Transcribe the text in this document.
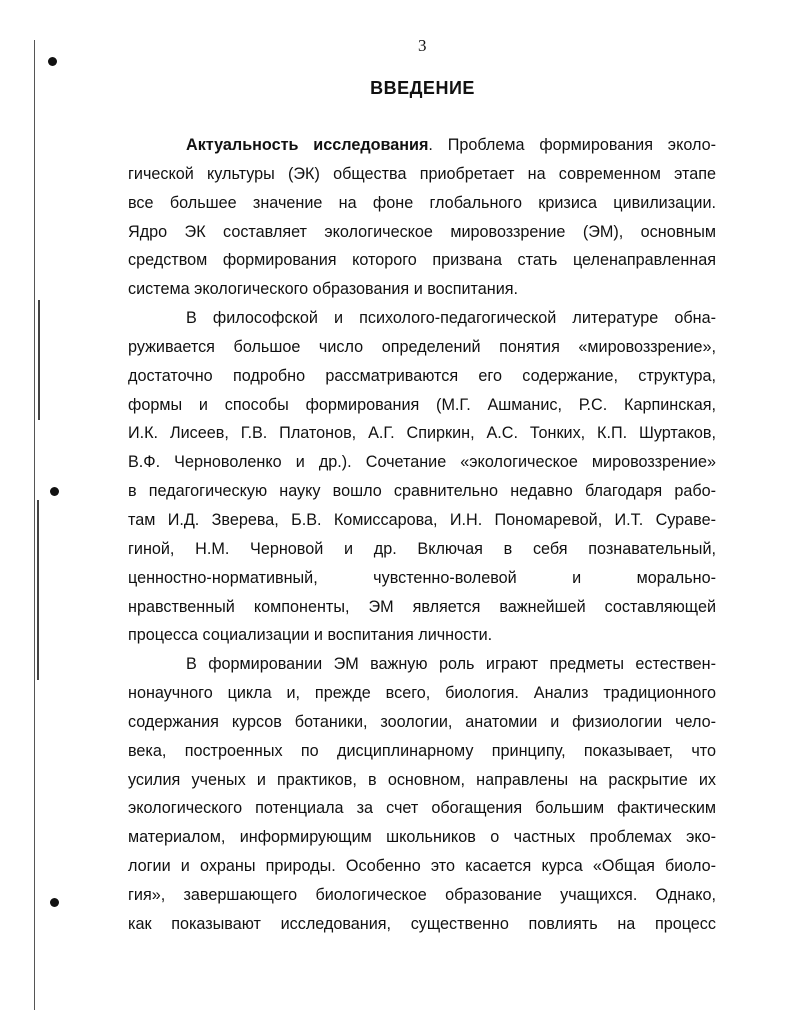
3
ВВЕДЕНИЕ
Актуальность исследования. Проблема формирования эколо-
гической культуры (ЭК) общества приобретает на современном этапе
все большее значение на фоне глобального кризиса цивилизации.
Ядро ЭК составляет экологическое мировоззрение (ЭМ), основным
средством формирования которого призвана стать целенаправленная
система экологического образования и воспитания.
В философской и психолого-педагогической литературе обна-
руживается большое число определений понятия «мировоззрение»,
достаточно подробно рассматриваются его содержание, структура,
формы и способы формирования (М.Г. Ашманис, Р.С. Карпинская,
И.К. Лисеев, Г.В. Платонов, А.Г. Спиркин, А.С. Тонких, К.П. Шуртаков,
В.Ф. Черноволенко и др.). Сочетание «экологическое мировоззрение»
в педагогическую науку вошло сравнительно недавно благодаря рабо-
там И.Д. Зверева, Б.В. Комиссарова, И.Н. Пономаревой, И.Т. Сураве-
гиной, Н.М. Черновой и др. Включая в себя познавательный,
ценностно-нормативный, чувстенно-волевой и морально-
нравственный компоненты, ЭМ является важнейшей составляющей
процесса социализации и воспитания личности.
В формировании ЭМ важную роль играют предметы естествен-
нонаучного цикла и, прежде всего, биология. Анализ традиционного
содержания курсов ботаники, зоологии, анатомии и физиологии чело-
века, построенных по дисциплинарному принципу, показывает, что
усилия ученых и практиков, в основном, направлены на раскрытие их
экологического потенциала за счет обогащения большим фактическим
материалом, информирующим школьников о частных проблемах эко-
логии и охраны природы. Особенно это касается курса «Общая биоло-
гия», завершающего биологическое образование учащихся. Однако,
как показывают исследования, существенно повлиять на процесс
